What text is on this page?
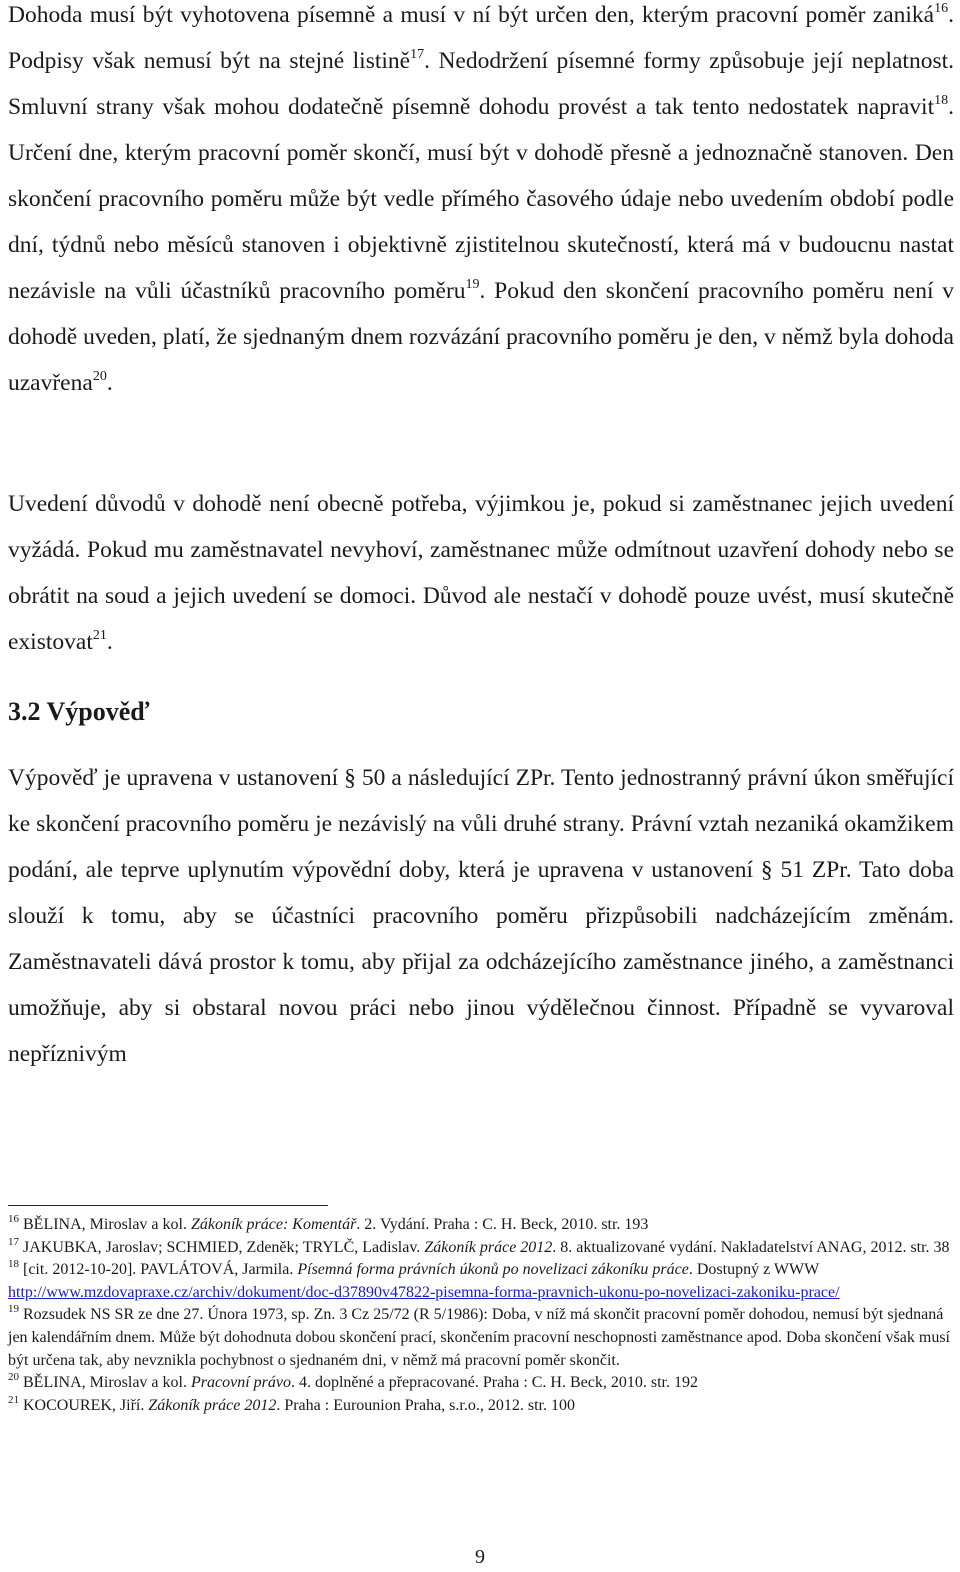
Dohoda musí být vyhotovena písemně a musí v ní být určen den, kterým pracovní poměr zaniká$^{16}$. Podpisy však nemusí být na stejné listině$^{17}$. Nedodržení písemné formy způsobuje její neplatnost. Smluvní strany však mohou dodatečně písemně dohodu provést a tak tento nedostatek napravit$^{18}$. Určení dne, kterým pracovní poměr skončí, musí být v dohodě přesně a jednoznačně stanoven. Den skončení pracovního poměru může být vedle přímého časového údaje nebo uvedením období podle dní, týdnů nebo měsíců stanoven i objektivně zjistitelnou skutečností, která má v budoucnu nastat nezávisle na vůli účastníků pracovního poměru$^{19}$. Pokud den skončení pracovního poměru není v dohodě uveden, platí, že sjednaným dnem rozvázání pracovního poměru je den, v němž byla dohoda uzavřena$^{20}$.

Uvedení důvodů v dohodě není obecně potřeba, výjimkou je, pokud si zaměstnanec jejich uvedení vyžádá. Pokud mu zaměstnavatel nevyhoví, zaměstnanec může odmítnout uzavření dohody nebo se obrátit na soud a jejich uvedení se domoci. Důvod ale nestačí v dohodě pouze uvést, musí skutečně existovat$^{21}$.

3.2 Výpověď

Výpověď je upravena v ustanovení § 50 a následující ZPr. Tento jednostranný právní úkon směřující ke skončení pracovního poměru je nezávislý na vůli druhé strany. Právní vztah nezaniká okamžikem podání, ale teprve uplynutím výpovědní doby, která je upravena v ustanovení § 51 ZPr. Tato doba slouží k tomu, aby se účastníci pracovního poměru přizpůsobili nadcházejícím změnám. Zaměstnavateli dává prostor k tomu, aby přijal za odcházejícího zaměstnance jiného, a zaměstnanci umožňuje, aby si obstaral novou práci nebo jinou výdělečnou činnost. Případně se vyvaroval nepříznivým

$^{16}$ BĚLINA, Miroslav a kol. Zákoník práce: Komentář. 2. Vydání. Praha : C. H. Beck, 2010. str. 193

$^{17}$ JAKUBKA, Jaroslav; SCHMIED, Zdeněk; TRYLČ, Ladislav. Zákoník práce 2012. 8. aktualizované vydání. Nakladatelství ANAG, 2012. str. 38

$^{18}$ [cit. 2012-10-20]. PAVLÁTOVÁ, Jarmila. Písemná forma právních úkonů po novelizaci zákoníku práce. Dostupný z WWW http://www.mzdovapraxe.cz/archiv/dokument/doc-d37890v47822-pisemna-forma-pravnich-ukonu-po-novelizaci-zakoniku-prace/

$^{19}$ Rozsudek NS SR ze dne 27. Února 1973, sp. Zn. 3 Cz 25/72 (R 5/1986): Doba, v níž má skončit pracovní poměr dohodou, nemusí být sjednaná jen kalendářním dnem. Může být dohodnuta dobou skončení prací, skončením pracovní neschopnosti zaměstnance apod. Doba skončení však musí být určena tak, aby nevznikla pochybnost o sjednaném dni, v němž má pracovní poměr skončit.

$^{20}$ BĚLINA, Miroslav a kol. Pracovní právo. 4. doplněné a přepracované. Praha : C. H. Beck, 2010. str. 192

$^{21}$ KOCOUREK, Jiří. Zákoník práce 2012. Praha : Eurounion Praha, s.r.o., 2012. str. 100

9
